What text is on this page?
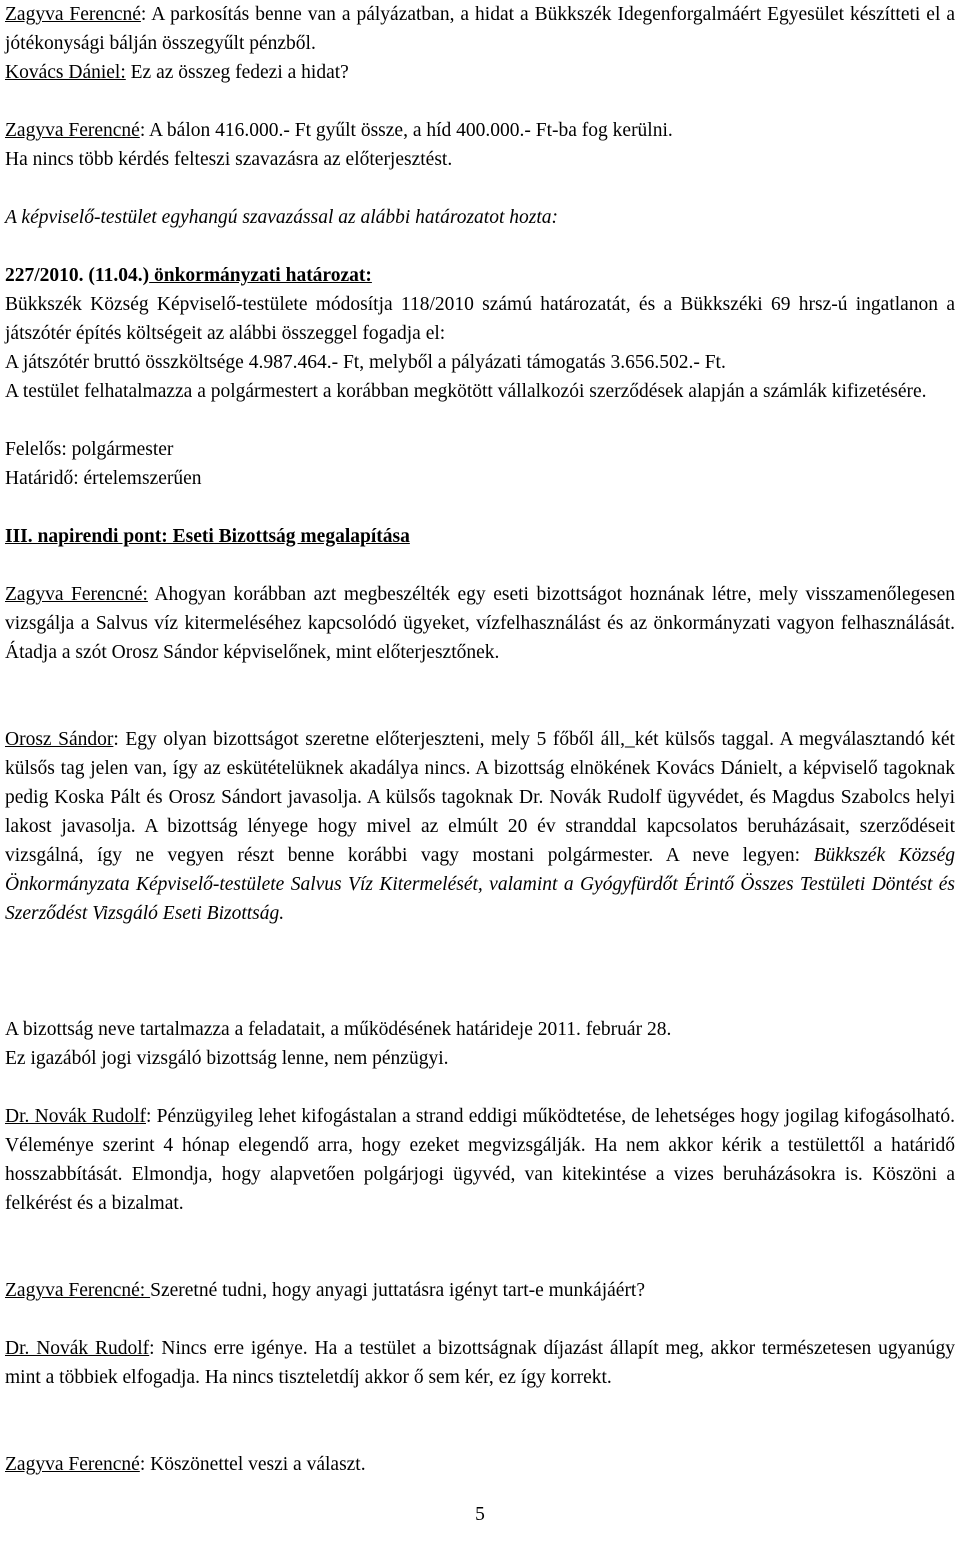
Zagyva Ferencné: A parkosítás benne van a pályázatban, a hidat a Bükkszék Idegenforgalmáért Egyesület készítteti el a jótékonysági bálján összegyűlt pénzből.

Kovács Dániel: Ez az összeg fedezi a hidat?

Zagyva Ferencné: A bálon 416.000.- Ft gyűlt össze, a híd 400.000.- Ft-ba fog kerülni.

Ha nincs több kérdés felteszi szavazásra az előterjesztést.

A képviselő-testület egyhangú szavazással az alábbi határozatot hozta:

227/2010. (11.04.) önkormányzati határozat:

Bükkszék Község Képviselő-testülete módosítja 118/2010 számú határozatát, és a Bükkszéki 69 hrsz-ú ingatlanon a játszótér építés költségeit az alábbi összeggel fogadja el:

A játszótér bruttó összköltsége 4.987.464.- Ft, melyből a pályázati támogatás 3.656.502.- Ft.

A testület felhatalmazza a polgármestert a korábban megkötött vállalkozói szerződések alapján a számlák kifizetésére.

Felelős: polgármester

Határidő: értelemszerűen

III. napirendi pont: Eseti Bizottság megalapítása

Zagyva Ferencné: Ahogyan korábban azt megbeszélték egy eseti bizottságot hoznának létre, mely visszamenőlegesen vizsgálja a Salvus víz kitermeléséhez kapcsolódó ügyeket, vízfelhasználást és az önkormányzati vagyon felhasználását. Átadja a szót Orosz Sándor képviselőnek, mint előterjesztőnek.

Orosz Sándor: Egy olyan bizottságot szeretne előterjeszteni, mely 5 főből áll,_két külsős taggal. A megválasztandó két külsős tag jelen van, így az eskütételüknek akadálya nincs. A bizottság elnökének Kovács Dánielt, a képviselő tagoknak pedig Koska Pált és Orosz Sándort javasolja. A külsős tagoknak Dr. Novák Rudolf ügyvédet, és Magdus Szabolcs helyi lakost javasolja. A bizottság lényege hogy mivel az elmúlt 20 év stranddal kapcsolatos beruházásait, szerződéseit vizsgálná, így ne vegyen részt benne korábbi vagy mostani polgármester. A neve legyen: Bükkszék Község Önkormányzata Képviselő-testülete Salvus Víz Kitermelését, valamint a Gyógyfürdőt Érintő Összes Testületi Döntést és Szerződést Vizsgáló Eseti Bizottság.

A bizottság neve tartalmazza a feladatait, a működésének határideje 2011. február 28.

Ez igazából jogi vizsgáló bizottság lenne, nem pénzügyi.

Dr. Novák Rudolf: Pénzügyileg lehet kifogástalan a strand eddigi működtetése, de lehetséges hogy jogilag kifogásolható. Véleménye szerint 4 hónap elegendő arra, hogy ezeket megvizsgálják. Ha nem akkor kérik a testülettől a határidő hosszabbítását. Elmondja, hogy alapvetően polgárjogi ügyvéd, van kitekintése a vizes beruházásokra is. Köszöni a felkérést és a bizalmat.

Zagyva Ferencné: Szeretné tudni, hogy anyagi juttatásra igényt tart-e munkájáért?

Dr. Novák Rudolf: Nincs erre igénye. Ha a testület a bizottságnak díjazást állapít meg, akkor természetesen ugyanúgy mint a többiek elfogadja. Ha nincs tiszteletdíj akkor ő sem kér, ez így korrekt.

Zagyva Ferencné: Köszönettel veszi a választ.

5
